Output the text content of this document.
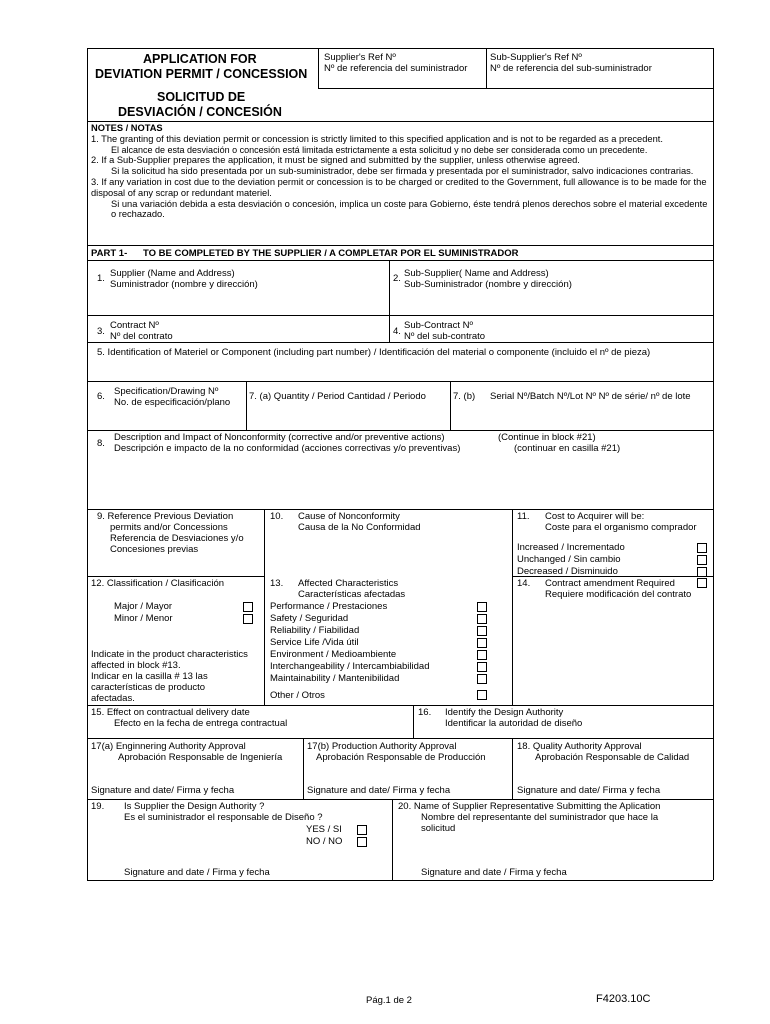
APPLICATION FOR
DEVIATION PERMIT / CONCESSION
SOLICITUD DE
DESVIACIÓN / CONCESIÓN
Supplier's Ref Nº
Nº de referencia del suministrador
Sub-Supplier's Ref Nº
Nº de referencia del sub-suministrador
NOTES / NOTAS
1. The granting of this deviation permit or concession is strictly limited to this specified application and is not to be regarded as a precedent.
El alcance de esta desviación o concesión está limitada estrictamente a esta solicitud y no debe ser considerada como un precedente.
2. If a Sub-Supplier prepares the application, it must be signed and submitted by the supplier, unless otherwise agreed.
Si la solicitud ha sido presentada por un sub-suministrador, debe ser firmada y presentada por el suministrador, salvo indicaciones contrarias.
3. If any variation in cost due to the deviation permit or concession is to be charged or credited to the Government, full allowance is to be made for the disposal of any scrap or redundant materiel.
Si una variación debida a esta desviación o concesión, implica un coste para Gobierno, éste tendrá plenos derechos sobre el material excedente o rechazado.
PART 1- TO BE COMPLETED BY THE SUPPLIER / A COMPLETAR POR EL SUMINISTRADOR
1. Supplier (Name and Address)
Suministrador (nombre y dirección)
2. Sub-Supplier( Name and Address)
Sub-Suministrador (nombre y dirección)
3.
Contract Nº
Nº del contrato	4.
Sub-Contract Nº
Nº del sub-contrato
5. Identification of Materiel or Component (including part number) / Identificación del material o componente (incluido el nº de pieza)
6. Specification/Drawing Nº
No. de especificación/plano
7. (a) Quantity / Period Cantidad / Periodo	7. (b) Serial Nº/Batch Nº/Lot Nº Nº de série/ nº de lote
8.
Description and Impact of Nonconformity (corrective and/or preventive actions)
Descripción e impacto de la no conformidad (acciones correctivas y/o preventivas)
(Continue in block #21)
(continuar en casilla #21)
9. Reference Previous Deviation
permits and/or Concessions
Referencia de Desviaciones y/o
Concesiones previas
10. Cause of Nonconformity
Causa de la No Conformidad
11. Cost to Acquirer will be:
Coste para el organismo comprador
Increased / Incrementado
Unchanged / Sin cambio
Decreased / Disminuido
12. Classification / Clasificación
Major / Mayor
Minor / Menor
Indicate in the product characteristics
affected in block #13.
Indicar en la casilla # 13 las
características de producto
afectadas.
13. Affected Characteristics
Características afectadas
Performance / Prestaciones
Safety / Seguridad
Reliability / Fiabilidad
Service Life /Vida útil
Environment / Medioambiente
Interchangeability / Intercambiabilidad
Maintainability / Mantenibilidad
Other / Otros
14. Contract amendment Required
Requiere modificación del contrato
15. Effect on contractual delivery date
Efecto en la fecha de entrega contractual
16. Identify the Design Authority
Identificar la autoridad de diseño
17(a) Enginnering Authority Approval
Aprobación Responsable de Ingeniería
Signature and date/ Firma y fecha
17(b) Production Authority Approval
Aprobación Responsable de Producción
Signature and date/ Firma y fecha
18. Quality Authority Approval
Aprobación Responsable de Calidad
Signature and date/ Firma y fecha
19. Is Supplier the Design Authority ?
Es el suministrador el responsable de Diseño ?
YES / SI
NO / NO
Signature and date / Firma y fecha
20. Name of Supplier Representative Submitting the Aplication
Nombre del representante del suministrador que hace la
solicitud
Signature and date / Firma y fecha
Pág.1 de 2	F4203.10C
